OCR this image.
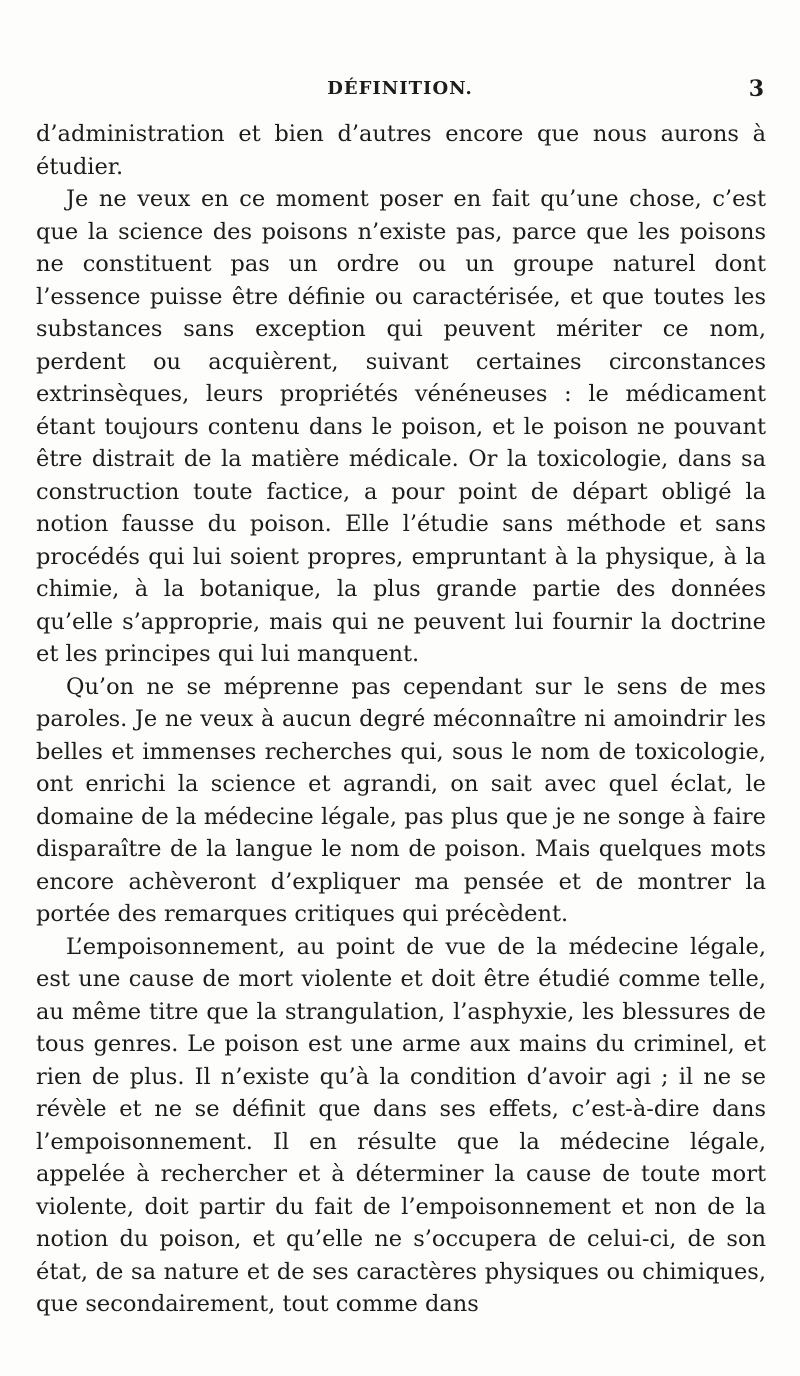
DÉFINITION.	3

d’administration et bien d’autres encore que nous aurons à étudier.

Je ne veux en ce moment poser en fait qu’une chose, c’est que la science des poisons n’existe pas, parce que les poisons ne constituent pas un ordre ou un groupe naturel dont l’essence puisse être définie ou caractérisée, et que toutes les substances sans exception qui peuvent mériter ce nom, perdent ou acquièrent, suivant certaines circonstances extrinsèques, leurs propriétés vénéneuses : le médicament étant toujours contenu dans le poison, et le poison ne pouvant être distrait de la matière médicale. Or la toxicologie, dans sa construction toute factice, a pour point de départ obligé la notion fausse du poison. Elle l’étudie sans méthode et sans procédés qui lui soient propres, empruntant à la physique, à la chimie, à la botanique, la plus grande partie des données qu’elle s’approprie, mais qui ne peuvent lui fournir la doctrine et les principes qui lui manquent.

Qu’on ne se méprenne pas cependant sur le sens de mes paroles. Je ne veux à aucun degré méconnaître ni amoindrir les belles et immenses recherches qui, sous le nom de toxicologie, ont enrichi la science et agrandi, on sait avec quel éclat, le domaine de la médecine légale, pas plus que je ne songe à faire disparaître de la langue le nom de poison. Mais quelques mots encore achèveront d’expliquer ma pensée et de montrer la portée des remarques critiques qui précèdent.

L’empoisonnement, au point de vue de la médecine légale, est une cause de mort violente et doit être étudié comme telle, au même titre que la strangulation, l’asphyxie, les blessures de tous genres. Le poison est une arme aux mains du criminel, et rien de plus. Il n’existe qu’à la condition d’avoir agi ; il ne se révèle et ne se définit que dans ses effets, c’est-à-dire dans l’empoisonnement. Il en résulte que la médecine légale, appelée à rechercher et à déterminer la cause de toute mort violente, doit partir du fait de l’empoisonnement et non de la notion du poison, et qu’elle ne s’occupera de celui-ci, de son état, de sa nature et de ses caractères physiques ou chimiques, que secondairement, tout comme dans
